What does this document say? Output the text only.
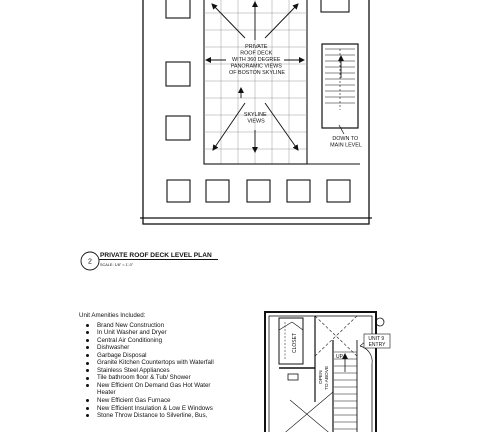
PRIVATE ROOF DECK WITH 360 DEGREE PANORAMIC VIEWS OF BOSTON SKYLINE
SKYLINE VIEWS
DOWN TO MAIN LEVEL
2
PRIVATE ROOF DECK LEVEL PLAN
SCALE: 1/8" = 1'-0"
CLOSET
UP
OPEN TO ABOVE
UNIT 9 ENTRY
Unit Amenities Included:
Brand New Construction
In Unit Washer and Dryer
Central Air Conditioning
Dishwasher
Garbage Disposal
Granite Kitchen Countertops with Waterfall
Stainless Steel Appliances
Tile bathroom floor & Tub/ Shower
New Efficient On Demand Gas Hot Water
Heater
New Efficient Gas Furnace
New Efficient Insulation & Low E Windows
Stone Throw Distance to Silverline, Bus,
